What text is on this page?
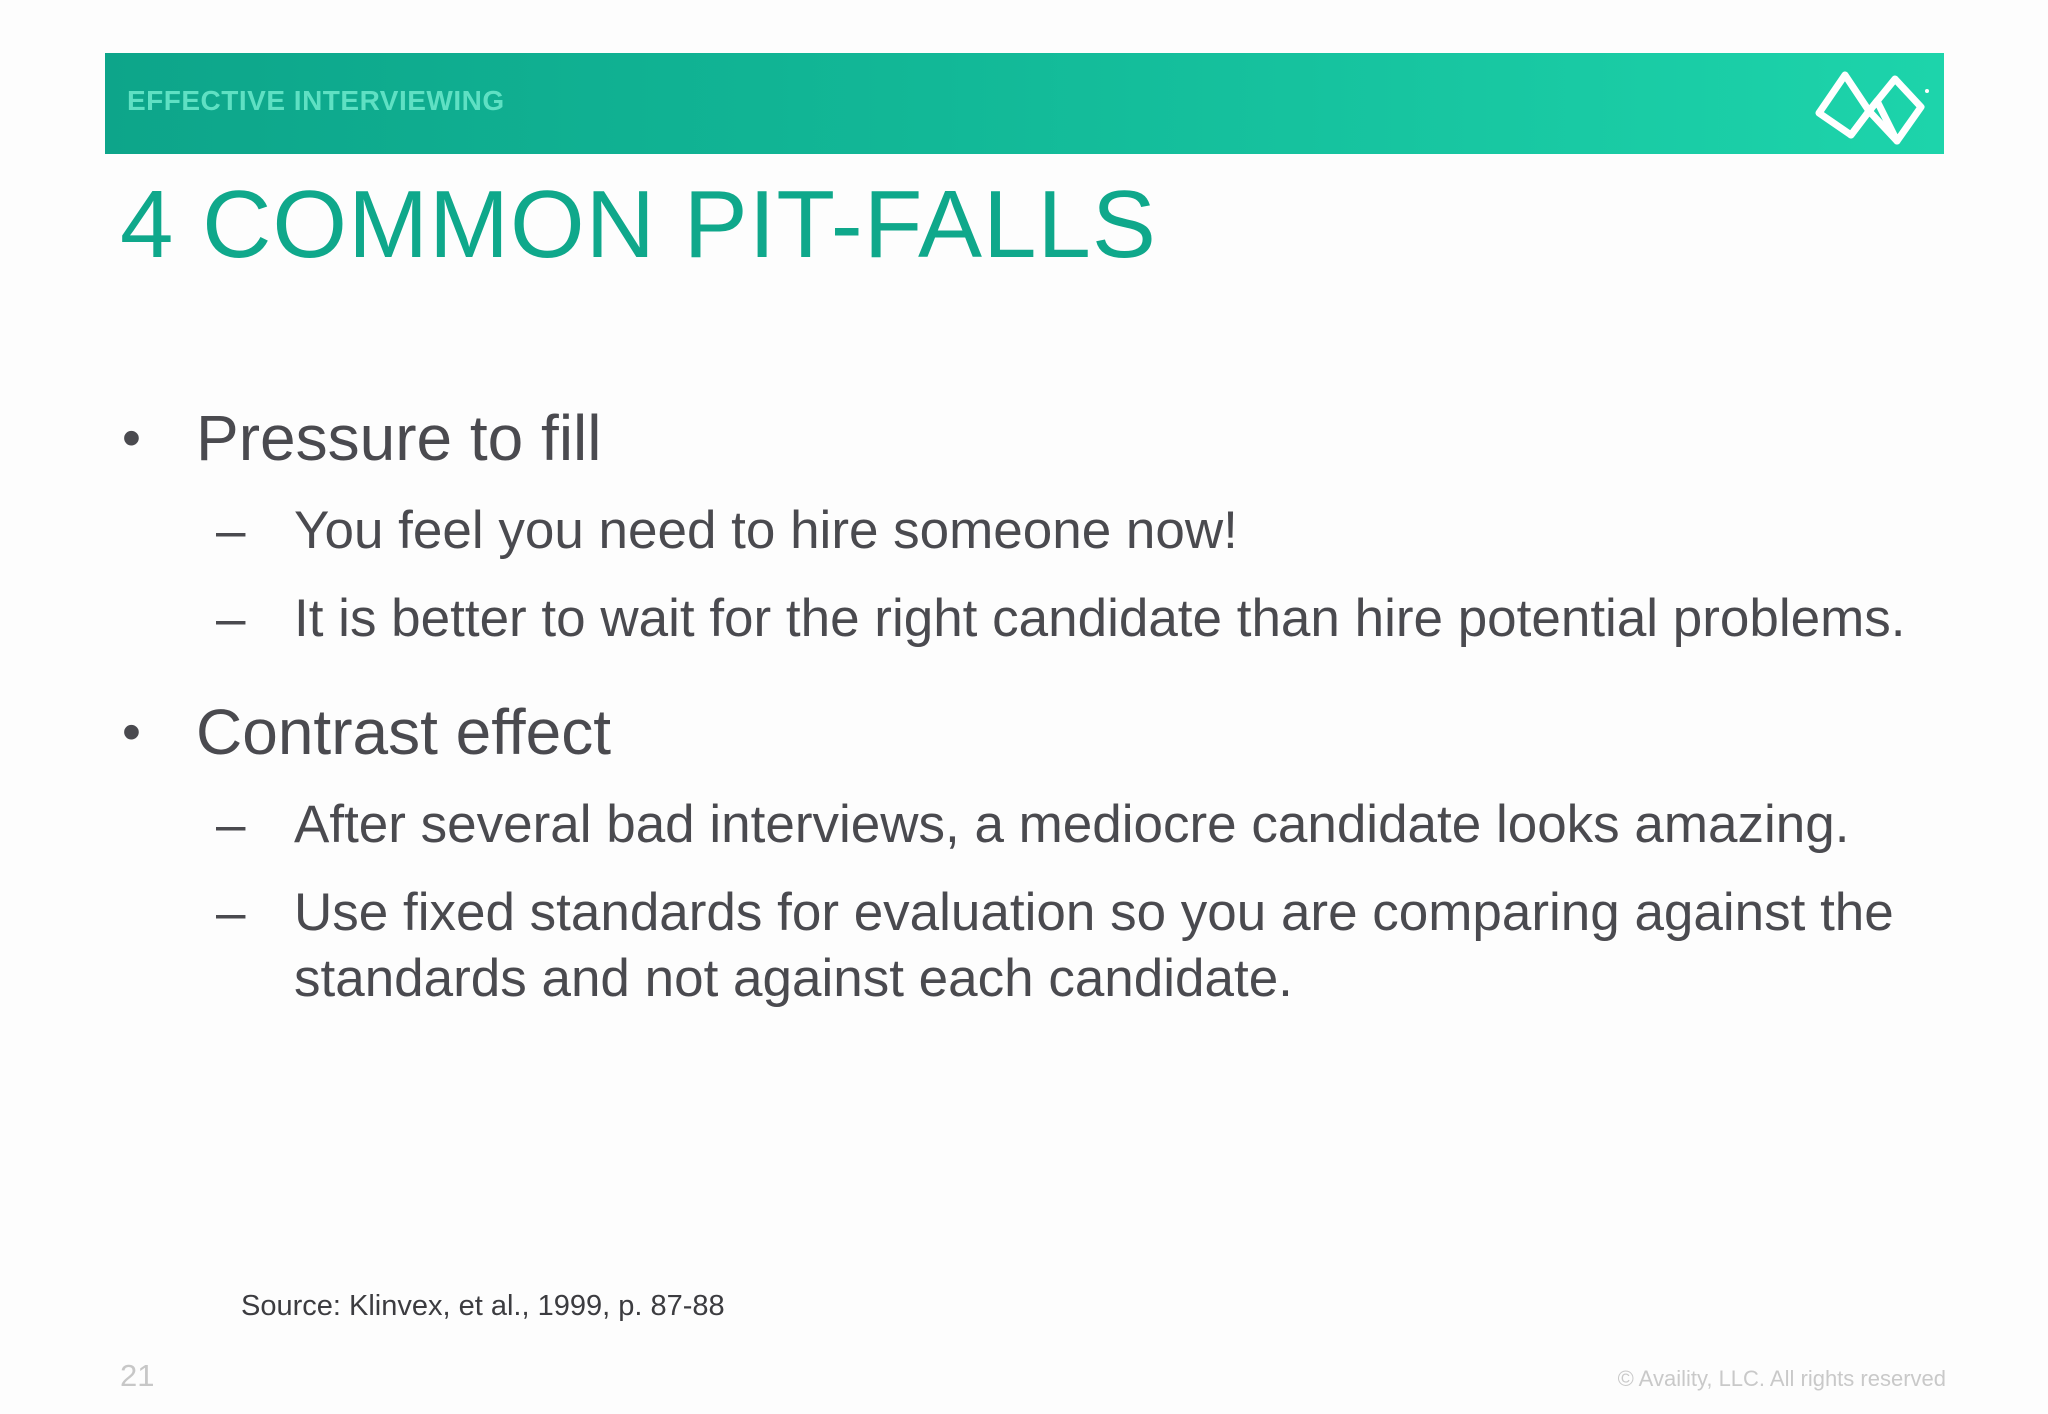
EFFECTIVE INTERVIEWING
4 COMMON PIT-FALLS
• Pressure to fill
– You feel you need to hire someone now!
– It is better to wait for the right candidate than hire potential problems.
• Contrast effect
– After several bad interviews, a mediocre candidate looks amazing.
– Use fixed standards for evaluation so you are comparing against the standards and not against each candidate.
Source: Klinvex, et al., 1999, p. 87-88
21	© Availity, LLC. All rights reserved
